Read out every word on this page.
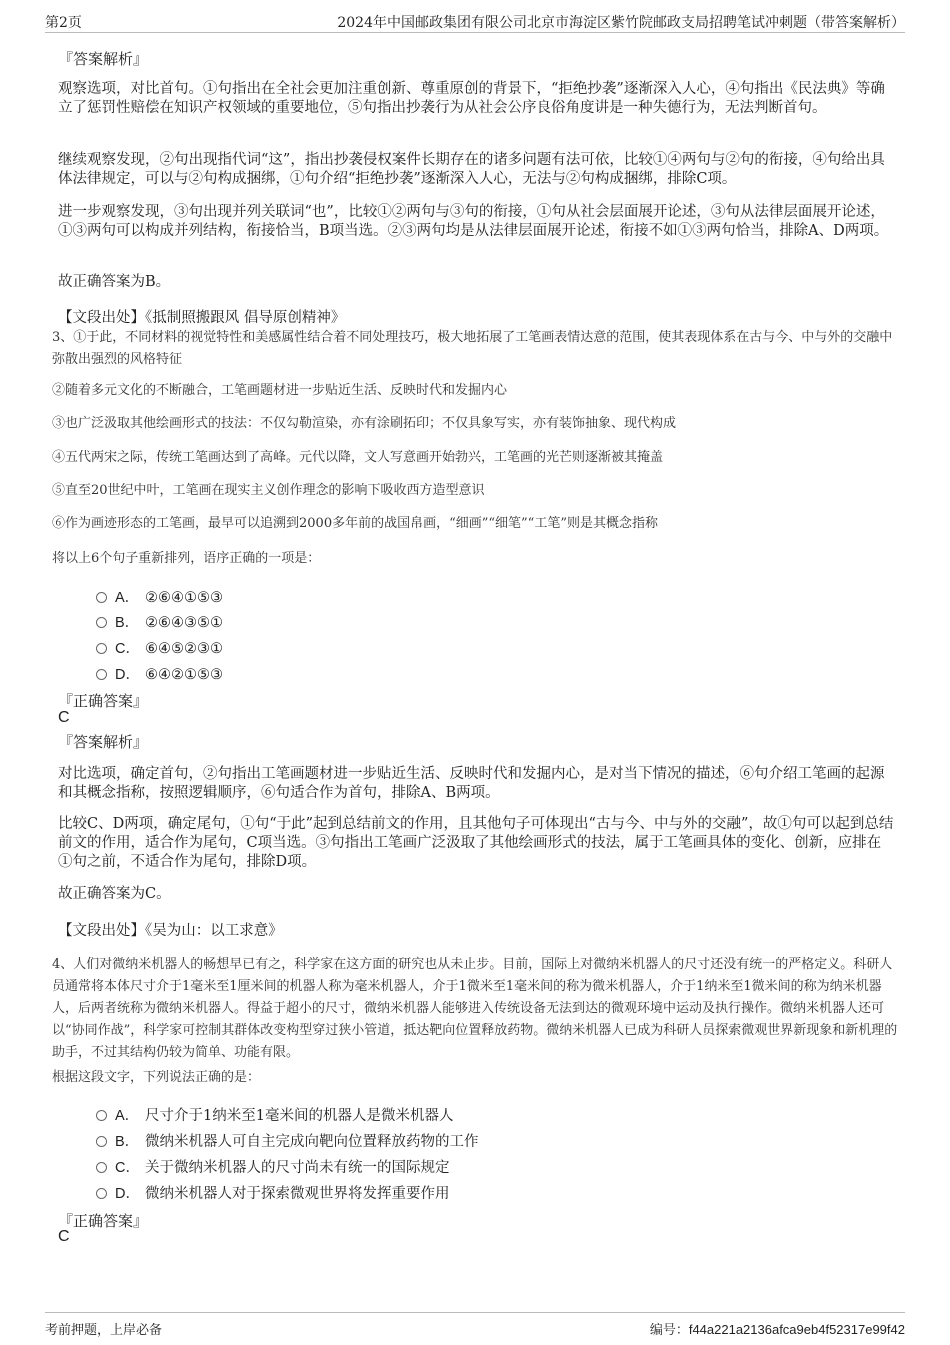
第2页	2024年中国邮政集团有限公司北京市海淀区紫竹院邮政支局招聘笔试冲刺题（带答案解析）
『答案解析』

观察选项，对比首句。①句指出在全社会更加注重创新、尊重原创的背景下，“拒绝抄袭”逐渐深入人心，④句指出《民法典》等确立了惩罚性赔偿在知识产权领域的重要地位，⑤句指出抄袭行为从社会公序良俗角度讲是一种失德行为，无法判断首句。

继续观察发现，②句出现指代词“这”，指出抄袭侵权案件长期存在的诸多问题有法可依，比较①④两句与②句的衔接，④句给出具体法律规定，可以与②句构成捆绑，①句介绍“拒绝抄袭”逐渐深入人心，无法与②句构成捆绑，排除C项。

进一步观察发现，③句出现并列关联词“也”，比较①②两句与③句的衔接，①句从社会层面展开论述，③句从法律层面展开论述，①③两句可以构成并列结构，衔接恰当，B项当选。②③两句均是从法律层面展开论述，衔接不如①③两句恰当，排除A、D两项。

故正确答案为B。

【文段出处】《抵制照搬跟风 倡导原创精神》

3、①于此，不同材料的视觉特性和美感属性结合着不同处理技巧，极大地拓展了工笔画表情达意的范围，使其表现体系在古与今、中与外的交融中弥散出强烈的风格特征

②随着多元文化的不断融合，工笔画题材进一步贴近生活、反映时代和发掘内心

③也广泛汲取其他绘画形式的技法：不仅勾勒渲染，亦有涂刷拓印；不仅具象写实，亦有装饰抽象、现代构成

④五代两宋之际，传统工笔画达到了高峰。元代以降，文人写意画开始勃兴，工笔画的光芒则逐渐被其掩盖

⑤直至20世纪中叶，工笔画在现实主义创作理念的影响下吸收西方造型意识

⑥作为画迹形态的工笔画，最早可以追溯到2000多年前的战国帛画，“细画”“细笔”“工笔”则是其概念指称

将以上6个句子重新排列，语序正确的一项是：

A． ②⑥④①⑤③
B． ②⑥④③⑤①
C． ⑥④⑤②③①
D． ⑥④②①⑤③
『正确答案』
C
『答案解析』

对比选项，确定首句，②句指出工笔画题材进一步贴近生活、反映时代和发掘内心，是对当下情况的描述，⑥句介绍工笔画的起源和其概念指称，按照逻辑顺序，⑥句适合作为首句，排除A、B两项。

比较C、D两项，确定尾句，①句“于此”起到总结前文的作用，且其他句子可体现出“古与今、中与外的交融”，故①句可以起到总结前文的作用，适合作为尾句，C项当选。③句指出工笔画广泛汲取了其他绘画形式的技法，属于工笔画具体的变化、创新，应排在①句之前，不适合作为尾句，排除D项。

故正确答案为C。

【文段出处】《吴为山：以工求意》

4、人们对微纳米机器人的畅想早已有之，科学家在这方面的研究也从未止步。目前，国际上对微纳米机器人的尺寸还没有统一的严格定义。科研人员通常将本体尺寸介于1毫米至1厘米间的机器人称为毫米机器人，介于1微米至1毫米间的称为微米机器人，介于1纳米至1微米间的称为纳米机器人，后两者统称为微纳米机器人。得益于超小的尺寸，微纳米机器人能够进入传统设备无法到达的微观环境中运动及执行操作。微纳米机器人还可以“协同作战”，科学家可控制其群体改变构型穿过狭小管道，抵达靶向位置释放药物。微纳米机器人已成为科研人员探索微观世界新现象和新机理的助手，不过其结构仍较为简单、功能有限。

根据这段文字，下列说法正确的是：

A． 尺寸介于1纳米至1毫米间的机器人是微米机器人
B． 微纳米机器人可自主完成向靶向位置释放药物的工作
C． 关于微纳米机器人的尺寸尚未有统一的国际规定
D． 微纳米机器人对于探索微观世界将发挥重要作用
『正确答案』
C
考前押题，上岸必备	编号：f44a221a2136afca9eb4f52317e99f42
